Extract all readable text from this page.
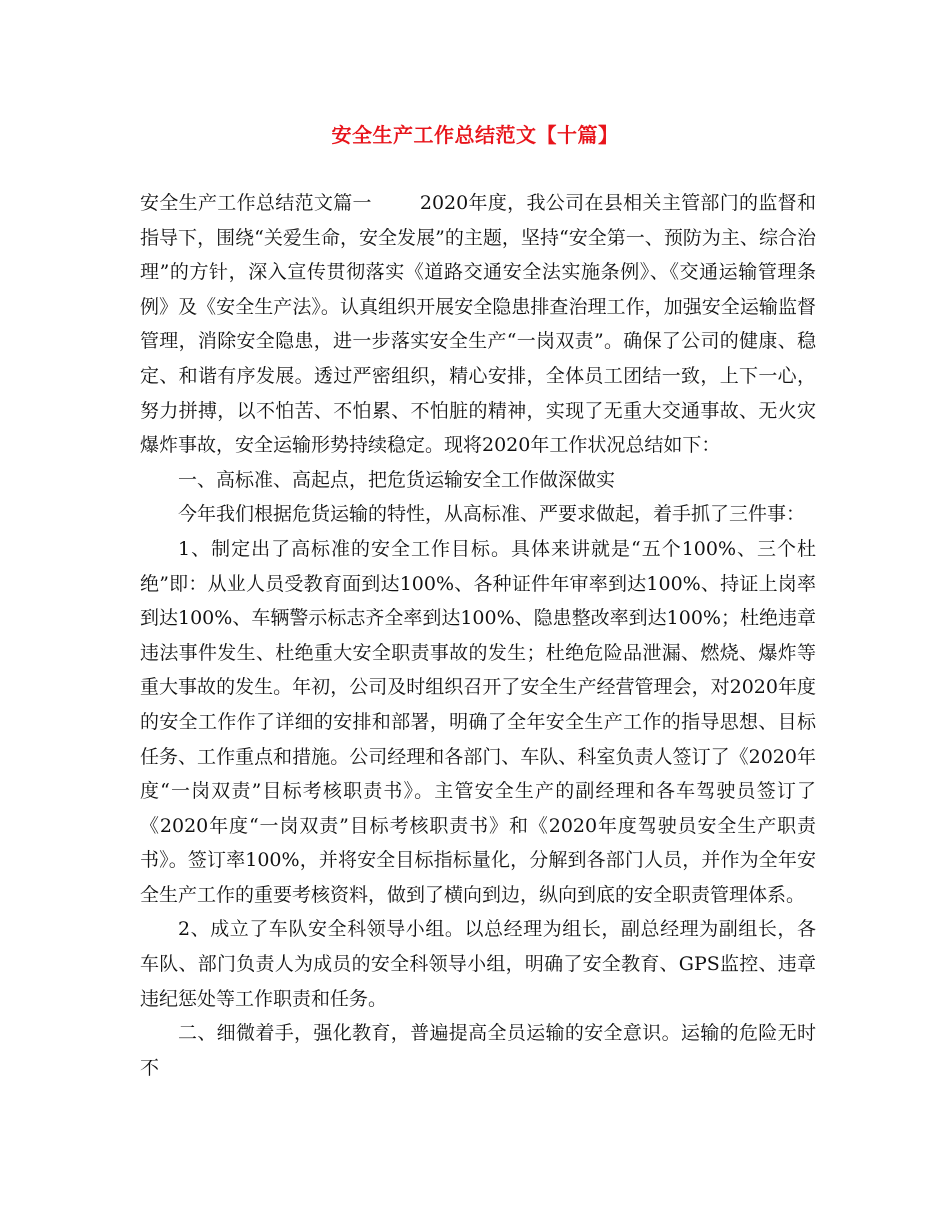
安全生产工作总结范文【十篇】

安全生产工作总结范文篇一	2020年度，我公司在县相关主管部门的监督和指导下，围绕“关爱生命，安全发展”的主题，坚持“安全第一、预防为主、综合治理”的方针，深入宣传贯彻落实《道路交通安全法实施条例》、《交通运输管理条例》及《安全生产法》。认真组织开展安全隐患排查治理工作，加强安全运输监督管理，消除安全隐患，进一步落实安全生产“一岗双责”。确保了公司的健康、稳定、和谐有序发展。透过严密组织，精心安排，全体员工团结一致，上下一心，努力拼搏，以不怕苦、不怕累、不怕脏的精神，实现了无重大交通事故、无火灾爆炸事故，安全运输形势持续稳定。现将2020年工作状况总结如下：

一、高标准、高起点，把危货运输安全工作做深做实

今年我们根据危货运输的特性，从高标准、严要求做起，着手抓了三件事：

1、制定出了高标准的安全工作目标。具体来讲就是“五个100%、三个杜绝”即：从业人员受教育面到达100%、各种证件年审率到达100%、持证上岗率到达100%、车辆警示标志齐全率到达100%、隐患整改率到达100%；杜绝违章违法事件发生、杜绝重大安全职责事故的发生；杜绝危险品泄漏、燃烧、爆炸等重大事故的发生。年初，公司及时组织召开了安全生产经营管理会，对2020年度的安全工作作了详细的安排和部署，明确了全年安全生产工作的指导思想、目标任务、工作重点和措施。公司经理和各部门、车队、科室负责人签订了《2020年度“一岗双责”目标考核职责书》。主管安全生产的副经理和各车驾驶员签订了《2020年度“一岗双责”目标考核职责书》和《2020年度驾驶员安全生产职责书》。签订率100%，并将安全目标指标量化，分解到各部门人员，并作为全年安全生产工作的重要考核资料，做到了横向到边，纵向到底的安全职责管理体系。

2、成立了车队安全科领导小组。以总经理为组长，副总经理为副组长，各车队、部门负责人为成员的安全科领导小组，明确了安全教育、GPS监控、违章违纪惩处等工作职责和任务。

二、细微着手，强化教育，普遍提高全员运输的安全意识。运输的危险无时不
